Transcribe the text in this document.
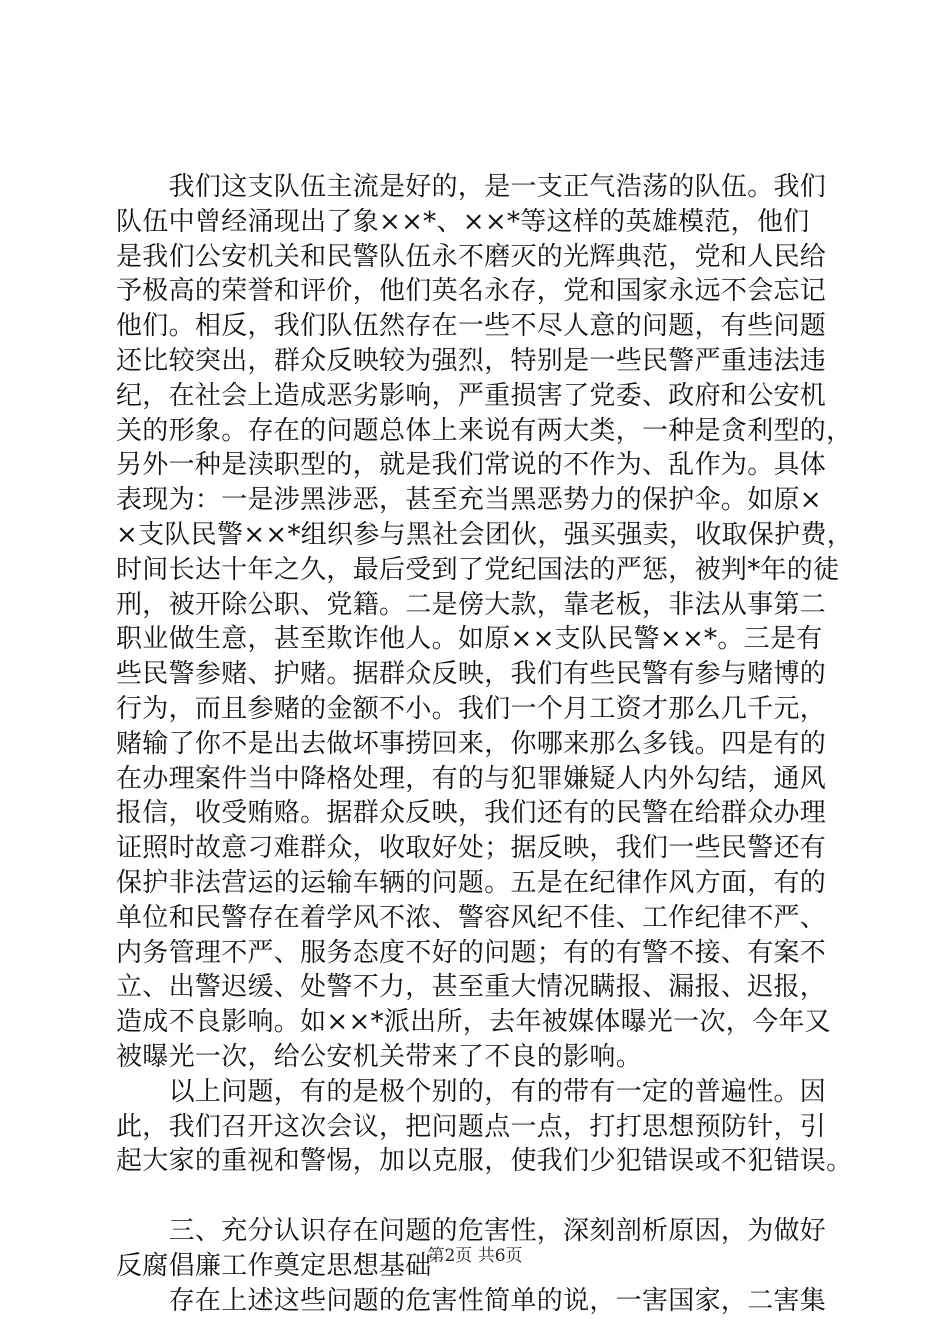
　　我们这支队伍主流是好的，是一支正气浩荡的队伍。我们
队伍中曾经涌现出了象××*、××*等这样的英雄模范，他们
是我们公安机关和民警队伍永不磨灭的光辉典范，党和人民给
予极高的荣誉和评价，他们英名永存，党和国家永远不会忘记
他们。相反，我们队伍然存在一些不尽人意的问题，有些问题
还比较突出，群众反映较为强烈，特别是一些民警严重违法违
纪，在社会上造成恶劣影响，严重损害了党委、政府和公安机
关的形象。存在的问题总体上来说有两大类，一种是贪利型的，
另外一种是渎职型的，就是我们常说的不作为、乱作为。具体
表现为：一是涉黑涉恶，甚至充当黑恶势力的保护伞。如原×
×支队民警××*组织参与黑社会团伙，强买强卖，收取保护费，
时间长达十年之久，最后受到了党纪国法的严惩，被判*年的徒
刑，被开除公职、党籍。二是傍大款，靠老板，非法从事第二
职业做生意，甚至欺诈他人。如原××支队民警××*。三是有
些民警参赌、护赌。据群众反映，我们有些民警有参与赌博的
行为，而且参赌的金额不小。我们一个月工资才那么几千元，
赌输了你不是出去做坏事捞回来，你哪来那么多钱。四是有的
在办理案件当中降格处理，有的与犯罪嫌疑人内外勾结，通风
报信，收受贿赂。据群众反映，我们还有的民警在给群众办理
证照时故意刁难群众，收取好处；据反映，我们一些民警还有
保护非法营运的运输车辆的问题。五是在纪律作风方面，有的
单位和民警存在着学风不浓、警容风纪不佳、工作纪律不严、
内务管理不严、服务态度不好的问题；有的有警不接、有案不
立、出警迟缓、处警不力，甚至重大情况瞒报、漏报、迟报，
造成不良影响。如××*派出所，去年被媒体曝光一次，今年又
被曝光一次，给公安机关带来了不良的影响。
　　以上问题，有的是极个别的，有的带有一定的普遍性。因
此，我们召开这次会议，把问题点一点，打打思想预防针，引
起大家的重视和警惕，加以克服，使我们少犯错误或不犯错误。
　　三、充分认识存在问题的危害性，深刻剖析原因，为做好
反腐倡廉工作奠定思想基础
　　存在上述这些问题的危害性简单的说，一害国家，二害集
第2页 共6页
